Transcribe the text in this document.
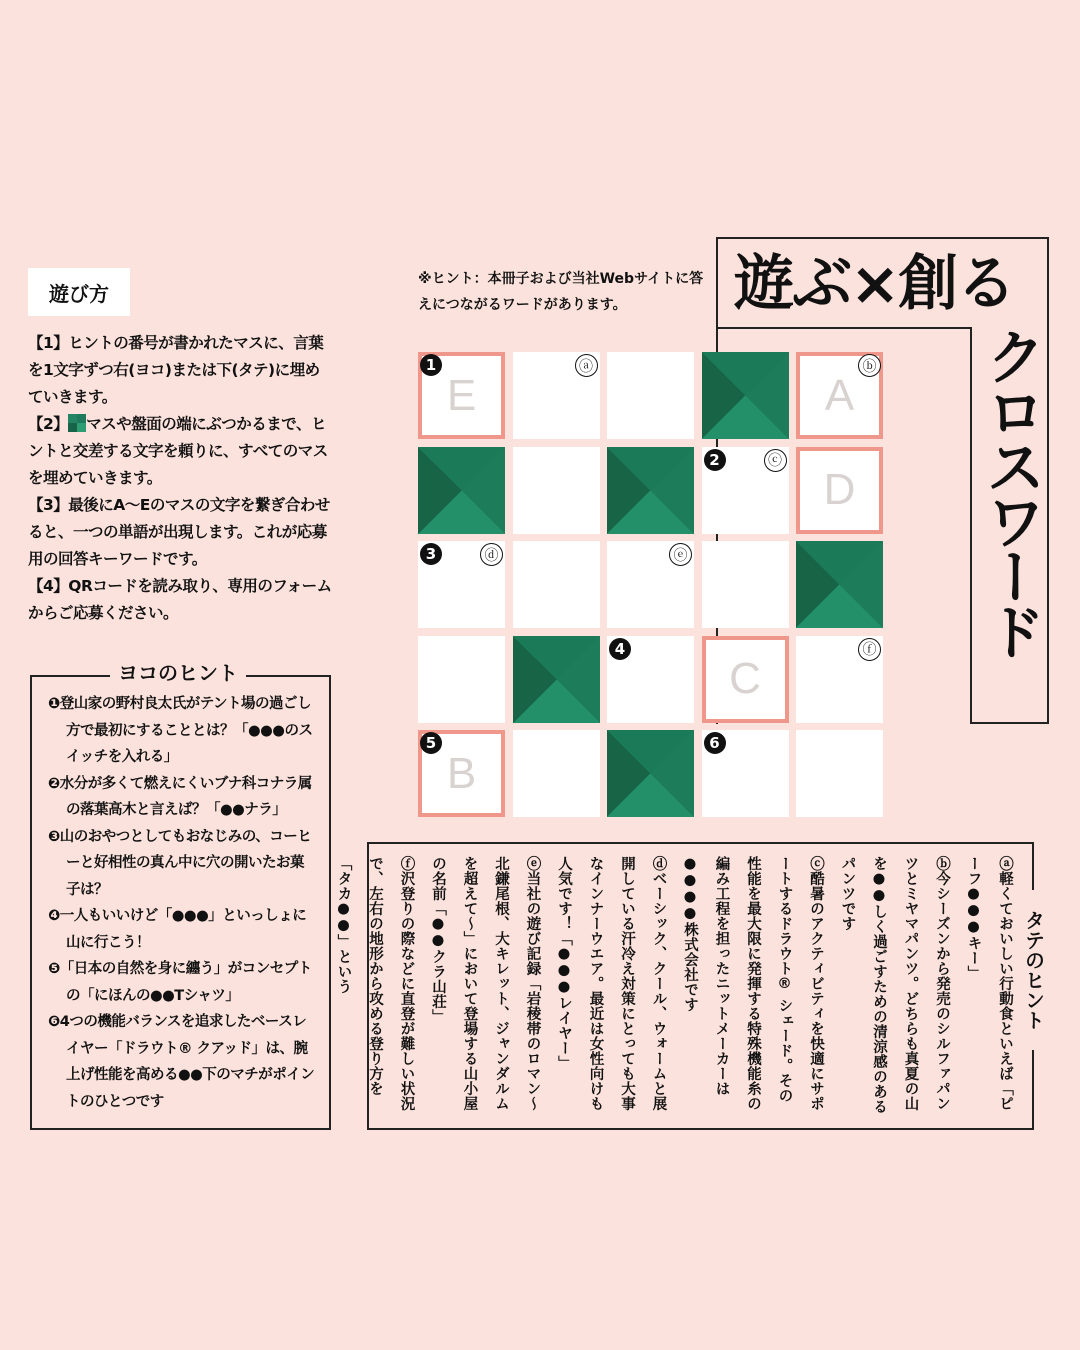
遊ぶ×創る
クロスワード
※ヒント：本冊子および当社Webサイトに答えにつながるワードがあります。
遊び方
【1】ヒントの番号が書かれたマスに、言葉を1文字ずつ右(ヨコ)または下(タテ)に埋めていきます。
【2】 マスや盤面の端にぶつかるまで、ヒントと交差する文字を頼りに、すべてのマスを埋めていきます。
【3】最後にA～Eのマスの文字を繋ぎ合わせると、一つの単語が出現します。これが応募用の回答キーワードです。
【4】QRコードを読み取り、専用のフォームからご応募ください。
1
E
ⓐ	ⓑ
A
2	ⓒ
D
3	ⓓ	ⓔ
4
C
ⓕ
5
B
6
❶登山家の野村良太氏がテント場の過ごし方で最初にすることとは？「●●●のスイッチを入れる」
❷水分が多くて燃えにくいブナ科コナラ属の落葉高木と言えば？「●●ナラ」
❸山のおやつとしてもおなじみの、コーヒーと好相性の真ん中に穴の開いたお菓子は？
❹一人もいいけど「●●●」といっしょに山に行こう！
❺「日本の自然を身に纏う」がコンセプトの「にほんの●●Tシャツ」
❻4つの機能バランスを追求したベースレイヤー「ドラウト® クアッド」は、腕上げ性能を高める●●下のマチがポイントのひとつです
ヨコのヒント
ⓐ軽くておいしい行動食といえば「ピーフ●●●キー」
ⓑ今シーズンから発売のシルファパンツとミヤマパンツ。どちらも真夏の山を●●しく過ごすための清涼感のあるパンツです
ⓒ酷暑のアクティビティを快適にサポートするドラウト® シェード。その性能を最大限に発揮する特殊機能糸の編み工程を担ったニットメーカーは●●●●株式会社です
ⓓベーシック、クール、ウォームと展開している汗冷え対策にとっても大事なインナーウエア。最近は女性向けも人気です！「●●●レイヤー」
ⓔ当社の遊び記録「岩稜帯のロマン～北鎌尾根、大キレット、ジャンダルムを超えて～」において登場する山小屋の名前「●●クラ山荘」
ⓕ沢登りの際などに直登が難しい状況で、左右の地形から攻める登り方を「タカ●●」という	タテのヒント
